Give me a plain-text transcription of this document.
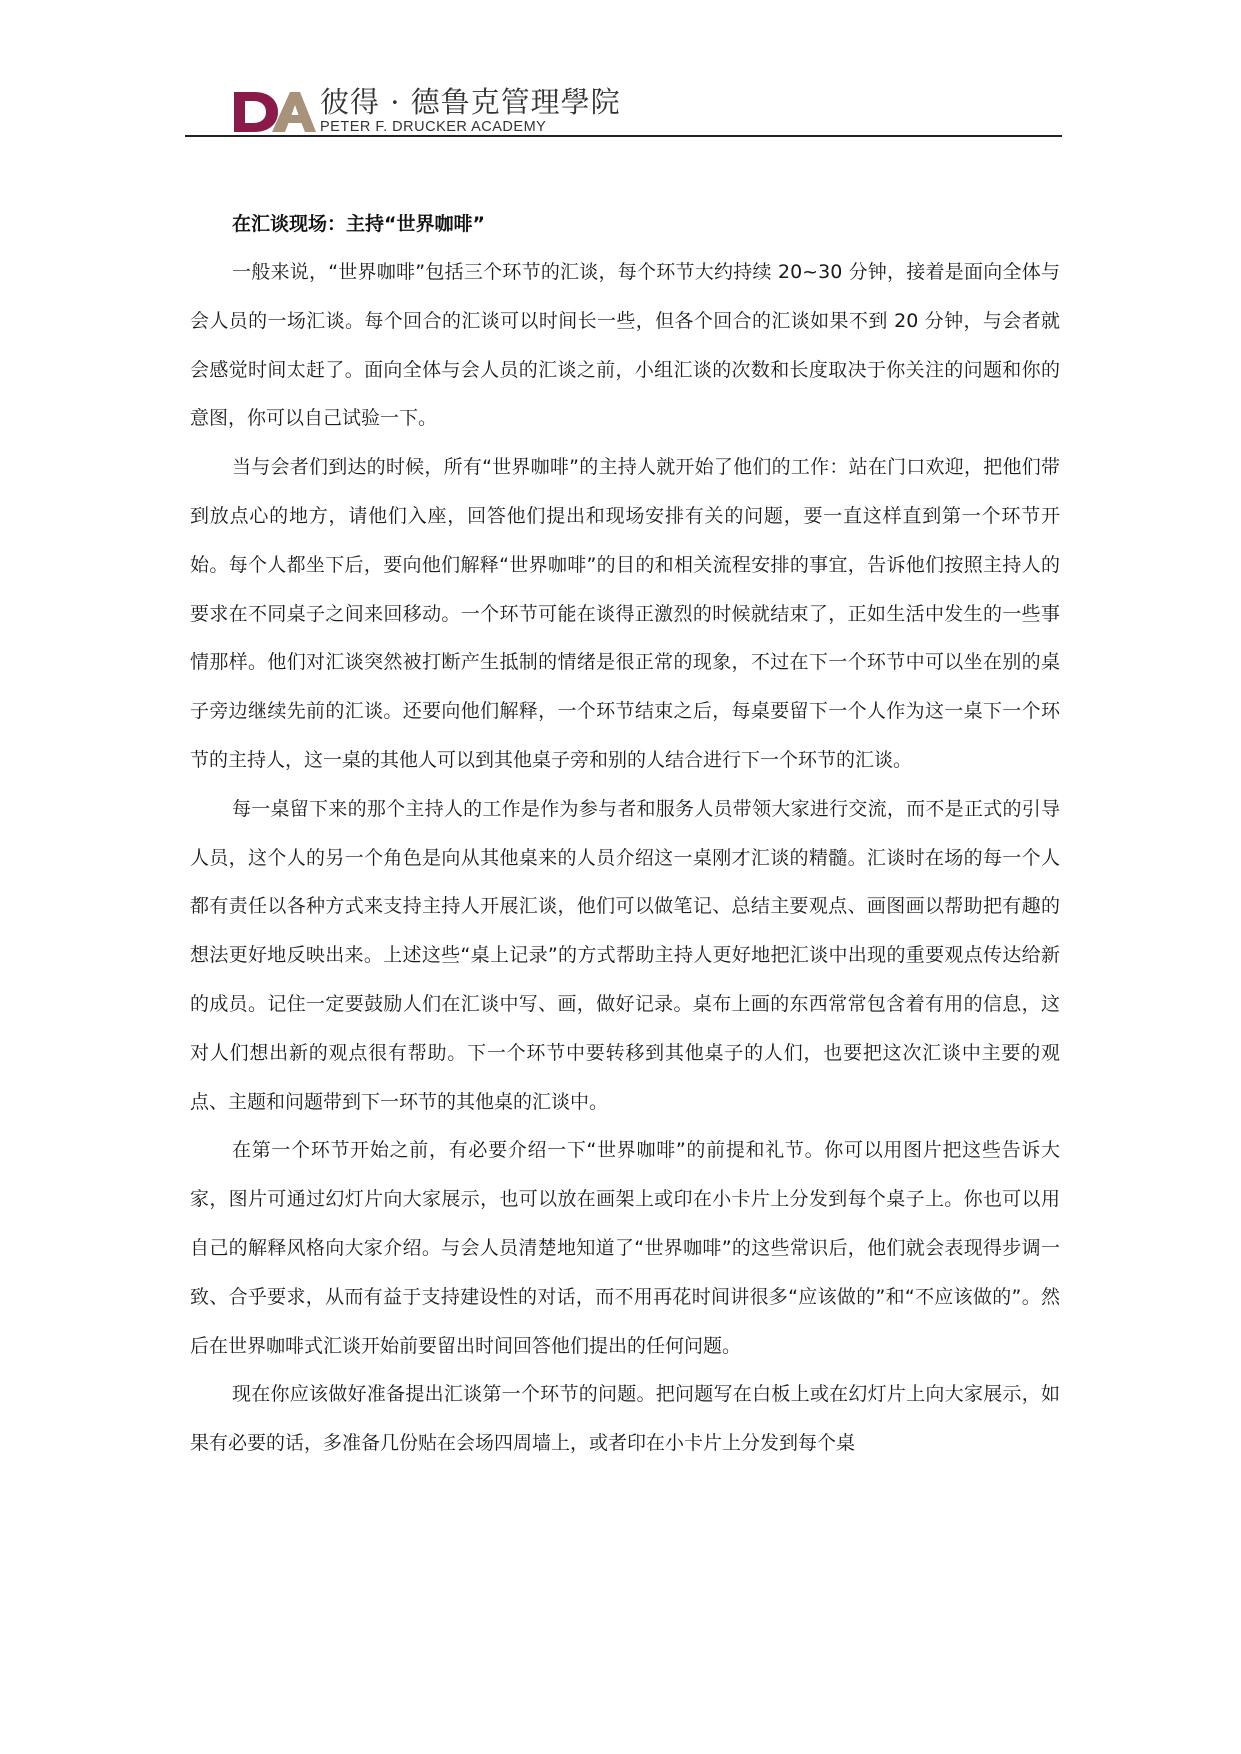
彼得 · 德鲁克管理學院
PETER F. DRUCKER ACADEMY
在汇谈现场：主持“世界咖啡”

一般来说，“世界咖啡”包括三个环节的汇谈，每个环节大约持续 20~30 分钟，接着是面向全体与会人员的一场汇谈。每个回合的汇谈可以时间长一些，但各个回合的汇谈如果不到 20 分钟，与会者就会感觉时间太赶了。面向全体与会人员的汇谈之前，小组汇谈的次数和长度取决于你关注的问题和你的意图，你可以自己试验一下。

当与会者们到达的时候，所有“世界咖啡”的主持人就开始了他们的工作：站在门口欢迎，把他们带到放点心的地方，请他们入座，回答他们提出和现场安排有关的问题，要一直这样直到第一个环节开始。每个人都坐下后，要向他们解释“世界咖啡”的目的和相关流程安排的事宜，告诉他们按照主持人的要求在不同桌子之间来回移动。一个环节可能在谈得正激烈的时候就结束了，正如生活中发生的一些事情那样。他们对汇谈突然被打断产生抵制的情绪是很正常的现象，不过在下一个环节中可以坐在别的桌子旁边继续先前的汇谈。还要向他们解释，一个环节结束之后，每桌要留下一个人作为这一桌下一个环节的主持人，这一桌的其他人可以到其他桌子旁和别的人结合进行下一个环节的汇谈。

每一桌留下来的那个主持人的工作是作为参与者和服务人员带领大家进行交流，而不是正式的引导人员，这个人的另一个角色是向从其他桌来的人员介绍这一桌刚才汇谈的精髓。汇谈时在场的每一个人都有责任以各种方式来支持主持人开展汇谈，他们可以做笔记、总结主要观点、画图画以帮助把有趣的想法更好地反映出来。上述这些“桌上记录”的方式帮助主持人更好地把汇谈中出现的重要观点传达给新的成员。记住一定要鼓励人们在汇谈中写、画，做好记录。桌布上画的东西常常包含着有用的信息，这对人们想出新的观点很有帮助。下一个环节中要转移到其他桌子的人们，也要把这次汇谈中主要的观点、主题和问题带到下一环节的其他桌的汇谈中。

在第一个环节开始之前，有必要介绍一下“世界咖啡”的前提和礼节。你可以用图片把这些告诉大家，图片可通过幻灯片向大家展示，也可以放在画架上或印在小卡片上分发到每个桌子上。你也可以用自己的解释风格向大家介绍。与会人员清楚地知道了“世界咖啡”的这些常识后，他们就会表现得步调一致、合乎要求，从而有益于支持建设性的对话，而不用再花时间讲很多“应该做的”和“不应该做的”。然后在世界咖啡式汇谈开始前要留出时间回答他们提出的任何问题。

现在你应该做好准备提出汇谈第一个环节的问题。把问题写在白板上或在幻灯片上向大家展示，如果有必要的话，多准备几份贴在会场四周墙上，或者印在小卡片上分发到每个桌
